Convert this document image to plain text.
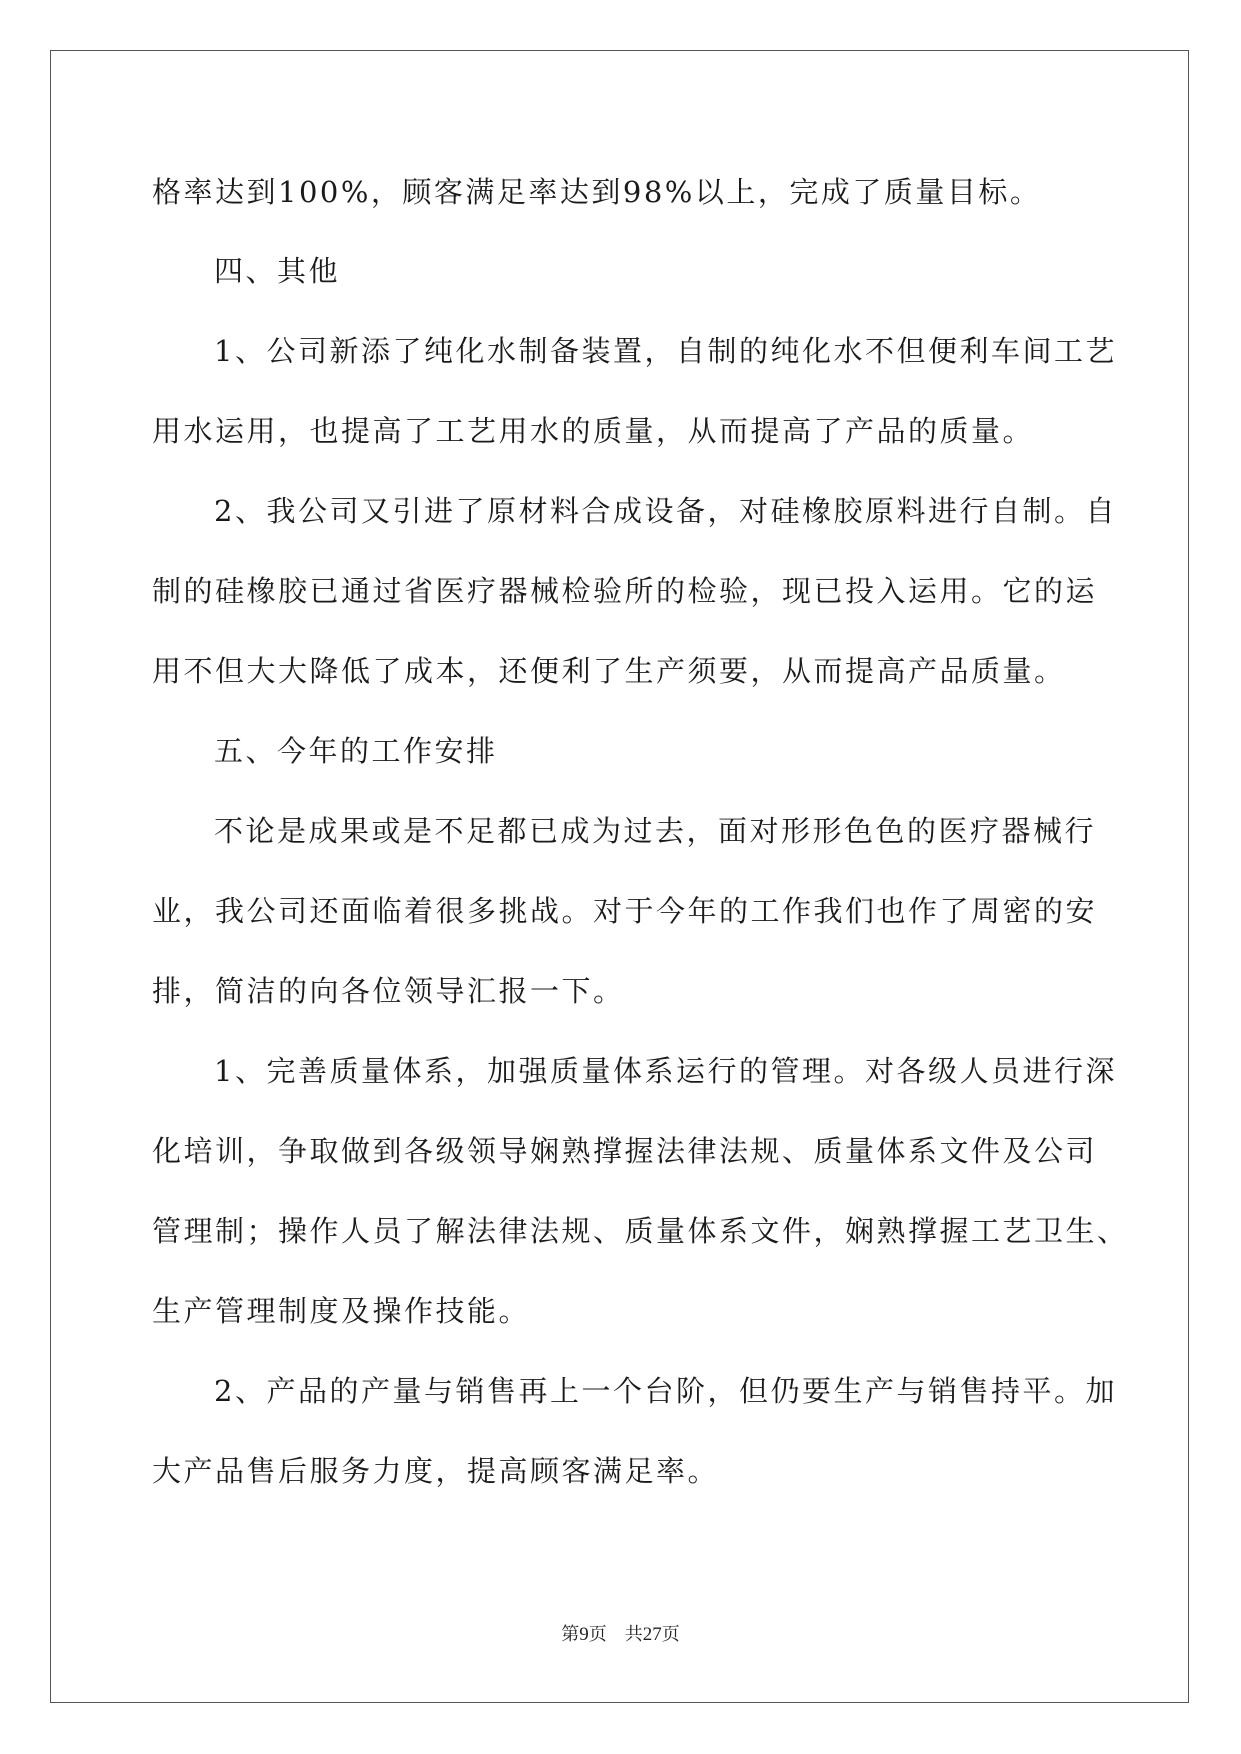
格率达到100%，顾客满足率达到98%以上，完成了质量目标。
四、其他
1、公司新添了纯化水制备装置，自制的纯化水不但便利车间工艺
用水运用，也提高了工艺用水的质量，从而提高了产品的质量。
2、我公司又引进了原材料合成设备，对硅橡胶原料进行自制。自
制的硅橡胶已通过省医疗器械检验所的检验，现已投入运用。它的运
用不但大大降低了成本，还便利了生产须要，从而提高产品质量。
五、今年的工作安排
不论是成果或是不足都已成为过去，面对形形色色的医疗器械行
业，我公司还面临着很多挑战。对于今年的工作我们也作了周密的安
排，简洁的向各位领导汇报一下。
1、完善质量体系，加强质量体系运行的管理。对各级人员进行深
化培训，争取做到各级领导娴熟撑握法律法规、质量体系文件及公司
管理制；操作人员了解法律法规、质量体系文件，娴熟撑握工艺卫生、
生产管理制度及操作技能。
2、产品的产量与销售再上一个台阶，但仍要生产与销售持平。加
大产品售后服务力度，提高顾客满足率。
第9页 共27页
